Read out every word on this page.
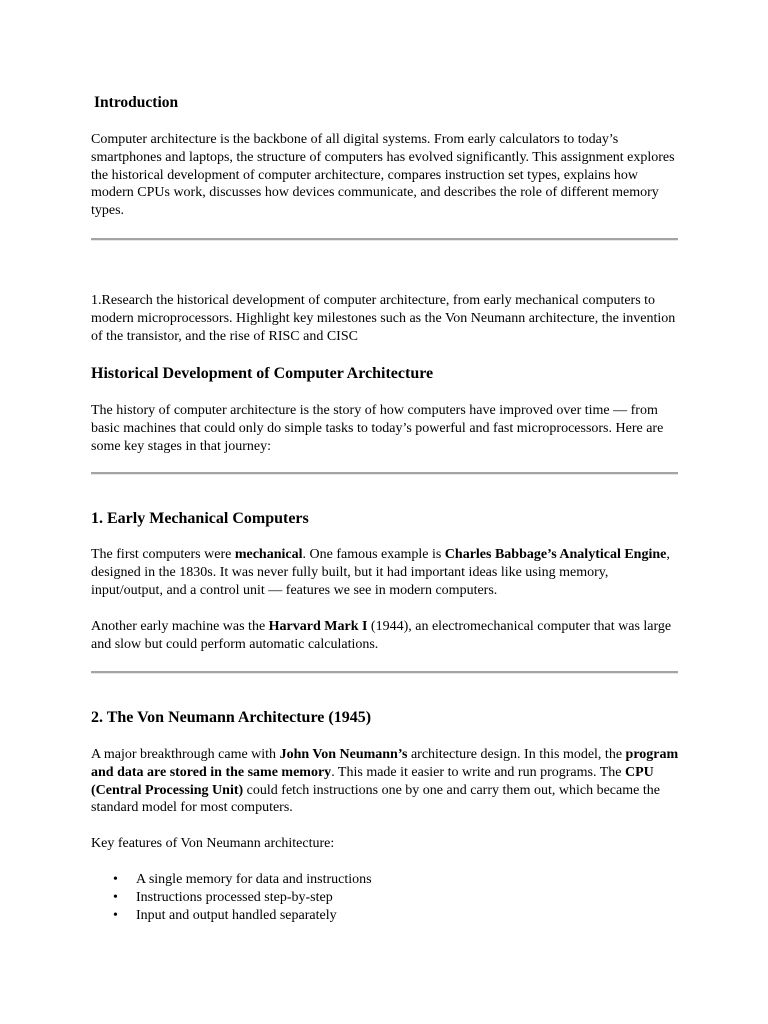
Introduction

Computer architecture is the backbone of all digital systems. From early calculators to today’s smartphones and laptops, the structure of computers has evolved significantly. This assignment explores the historical development of computer architecture, compares instruction set types, explains how modern CPUs work, discusses how devices communicate, and describes the role of different memory types.

1.Research the historical development of computer architecture, from early mechanical computers to modern microprocessors. Highlight key milestones such as the Von Neumann architecture, the invention of the transistor, and the rise of RISC and CISC

Historical Development of Computer Architecture

The history of computer architecture is the story of how computers have improved over time — from basic machines that could only do simple tasks to today’s powerful and fast microprocessors. Here are some key stages in that journey:

1. Early Mechanical Computers

The first computers were mechanical. One famous example is Charles Babbage’s Analytical Engine, designed in the 1830s. It was never fully built, but it had important ideas like using memory, input/output, and a control unit — features we see in modern computers.

Another early machine was the Harvard Mark I (1944), an electromechanical computer that was large and slow but could perform automatic calculations.

2. The Von Neumann Architecture (1945)

A major breakthrough came with John Von Neumann’s architecture design. In this model, the program and data are stored in the same memory. This made it easier to write and run programs. The CPU (Central Processing Unit) could fetch instructions one by one and carry them out, which became the standard model for most computers.

Key features of Von Neumann architecture:

• A single memory for data and instructions
• Instructions processed step-by-step
• Input and output handled separately
